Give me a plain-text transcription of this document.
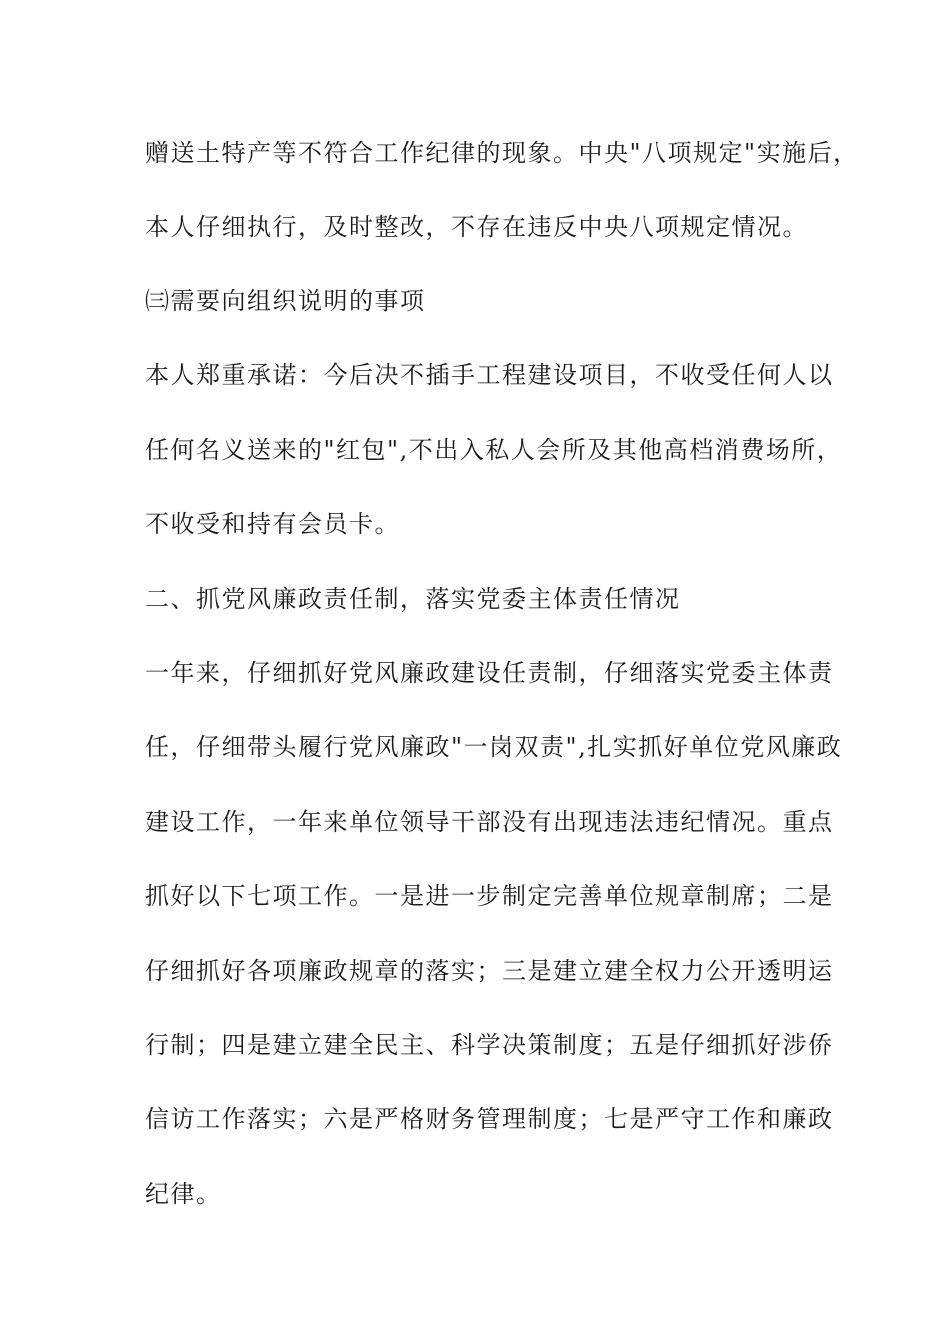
赠送土特产等不符合工作纪律的现象。中央"八项规定"实施后，
本人仔细执行，及时整改，不存在违反中央八项规定情况。
㈢需要向组织说明的事项
本人郑重承诺：今后决不插手工程建设项目，不收受任何人以
任何名义送来的"红包",不出入私人会所及其他高档消费场所，
不收受和持有会员卡。
二、抓党风廉政责任制，落实党委主体责任情况
一年来，仔细抓好党风廉政建设任责制，仔细落实党委主体责
任，仔细带头履行党风廉政"一岗双责",扎实抓好单位党风廉政
建设工作，一年来单位领导干部没有出现违法违纪情况。重点
抓好以下七项工作。一是进一步制定完善单位规章制席；二是
仔细抓好各项廉政规章的落实；三是建立建全权力公开透明运
行制；四是建立建全民主、科学决策制度；五是仔细抓好涉侨
信访工作落实；六是严格财务管理制度；七是严守工作和廉政
纪律。
